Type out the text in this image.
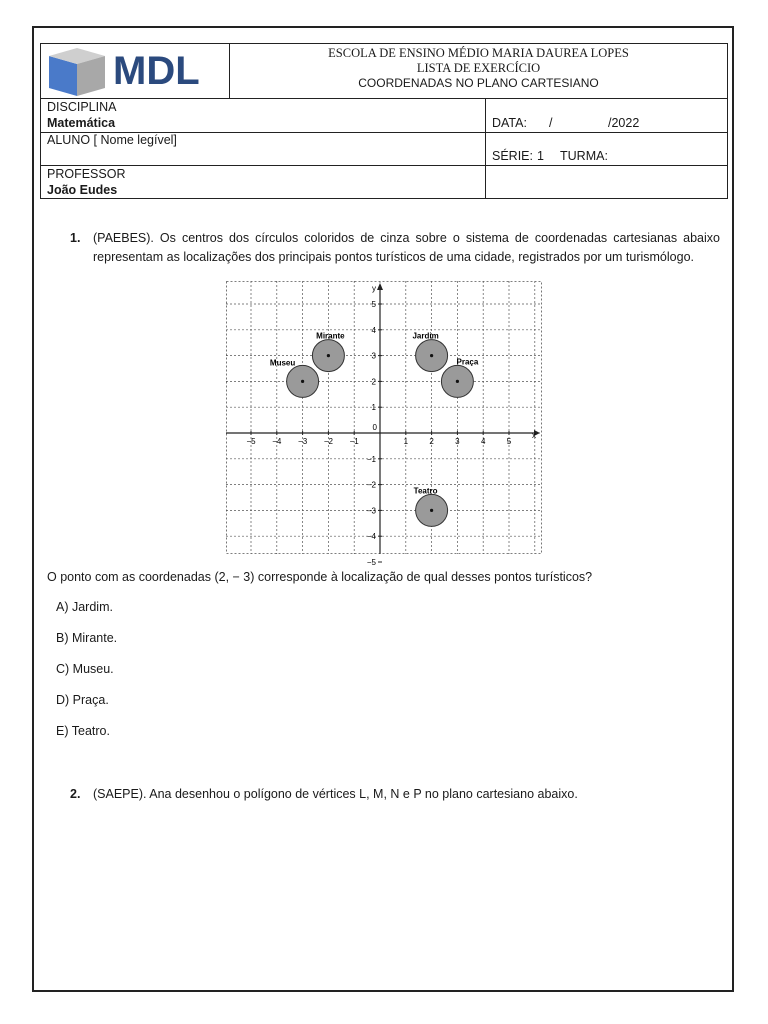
MDL	ESCOLA DE ENSINO MÉDIO MARIA DAUREA LOPES
LISTA DE EXERCÍCIO
COORDENADAS NO PLANO CARTESIANO
DISCIPLINA
Matemática	DATA: /	/2022
ALUNO [ Nome legível]
SÉRIE: 1 TURMA:
PROFESSOR
João Eudes
1. (PAEBES). Os centros dos círculos coloridos de cinza sobre o sistema de coordenadas cartesianas abaixo representam as localizações dos principais pontos turísticos de uma cidade, registrados por um turismólogo.
x
y
0
−5 −4 −3 −2 −1	1	2	3	4	5
5
4
3
2
1
−1
−2
−3
−4
−5
Mirante
Museu
Jardim
Praça
Teatro
O ponto com as coordenadas (2, − 3) corresponde à localização de qual desses pontos turísticos?
A) Jardim.
B) Mirante.
C) Museu.
D) Praça.
E) Teatro.
2. (SAEPE). Ana desenhou o polígono de vértices L, M, N e P no plano cartesiano abaixo.
